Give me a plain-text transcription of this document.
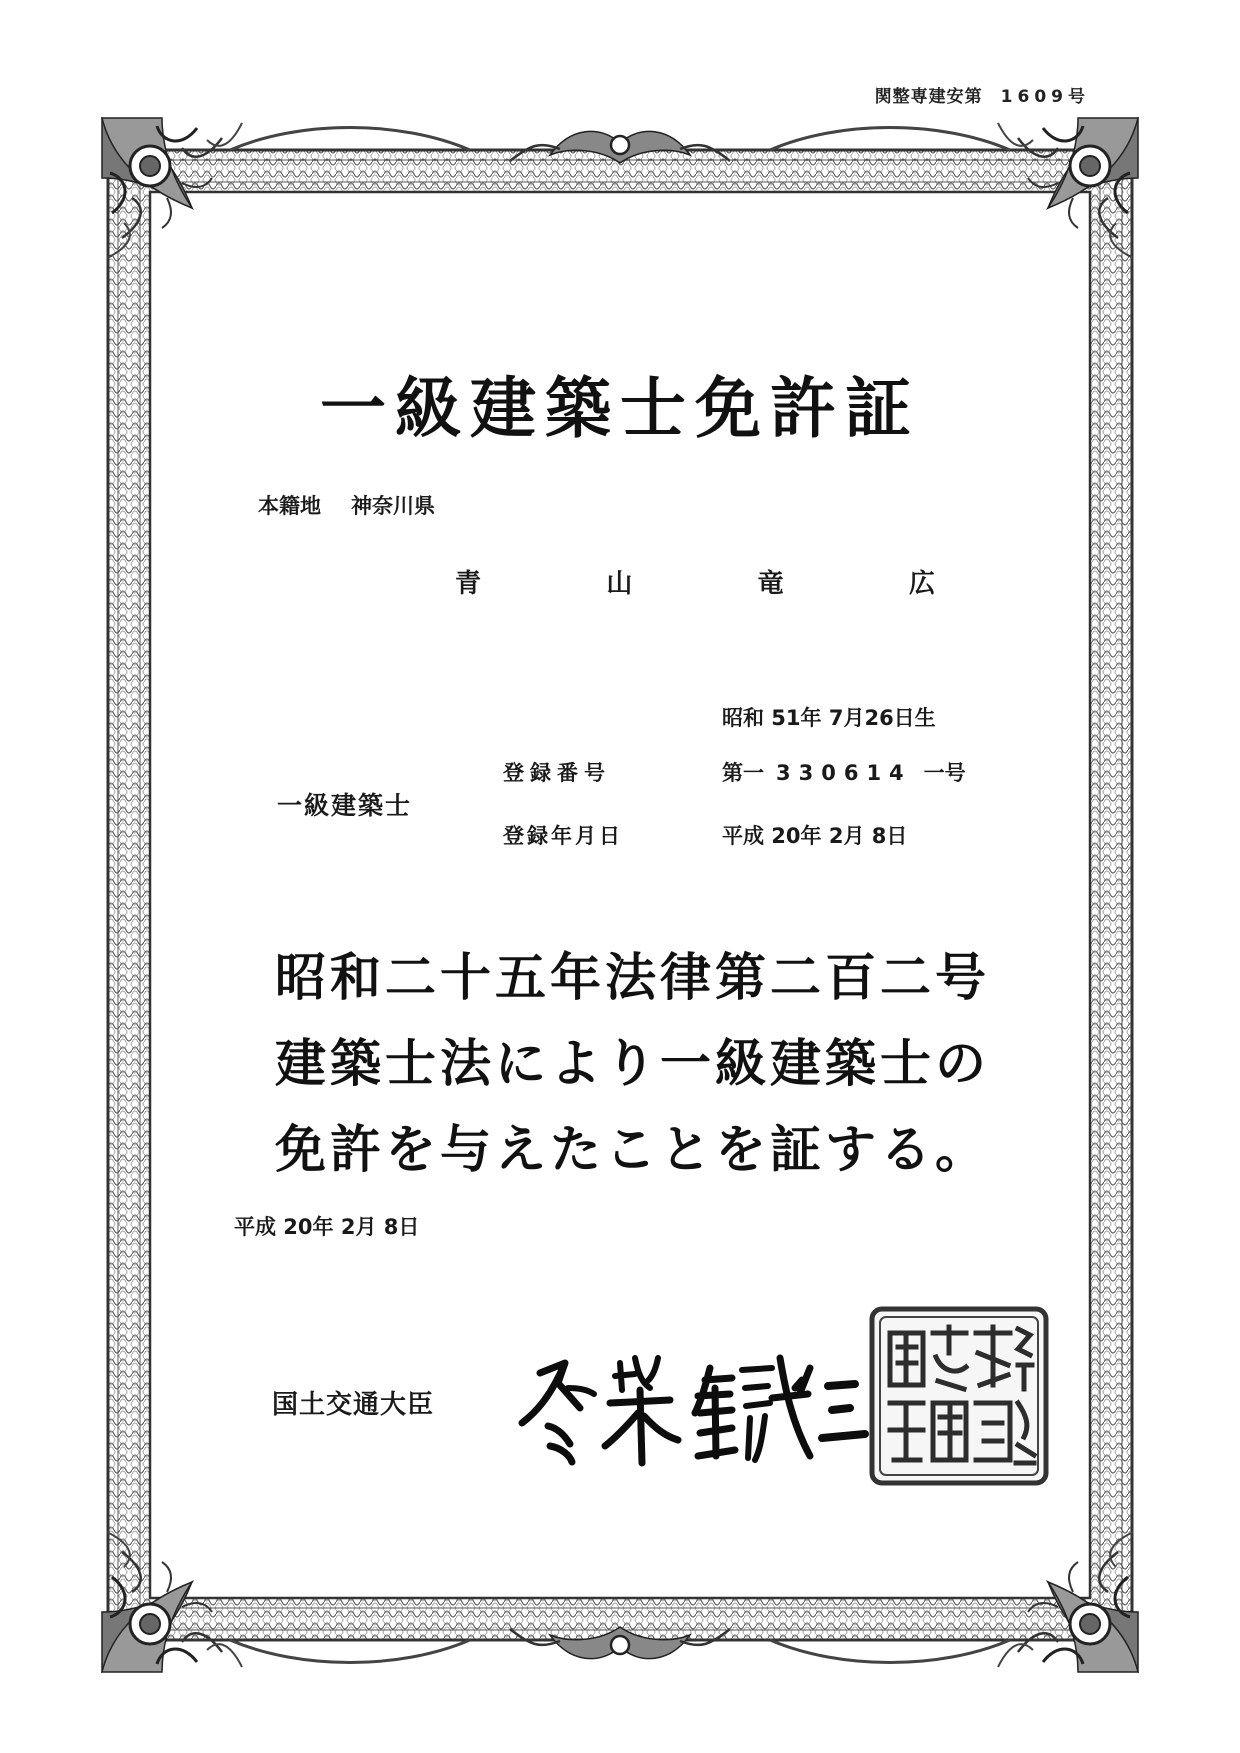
関整専建安第 1609号
一級建築士免許証
本籍地 神奈川県
青	山	竜	広
昭和 51年 7月26日生
一級建築士
登録番号	第一 330614 一号
登録年月日	平成 20年 2月 8日
昭和二十五年法律第二百二号
建築士法により一級建築士の
免許を与えたことを証する。
平成 20年 2月 8日
国土交通大臣
